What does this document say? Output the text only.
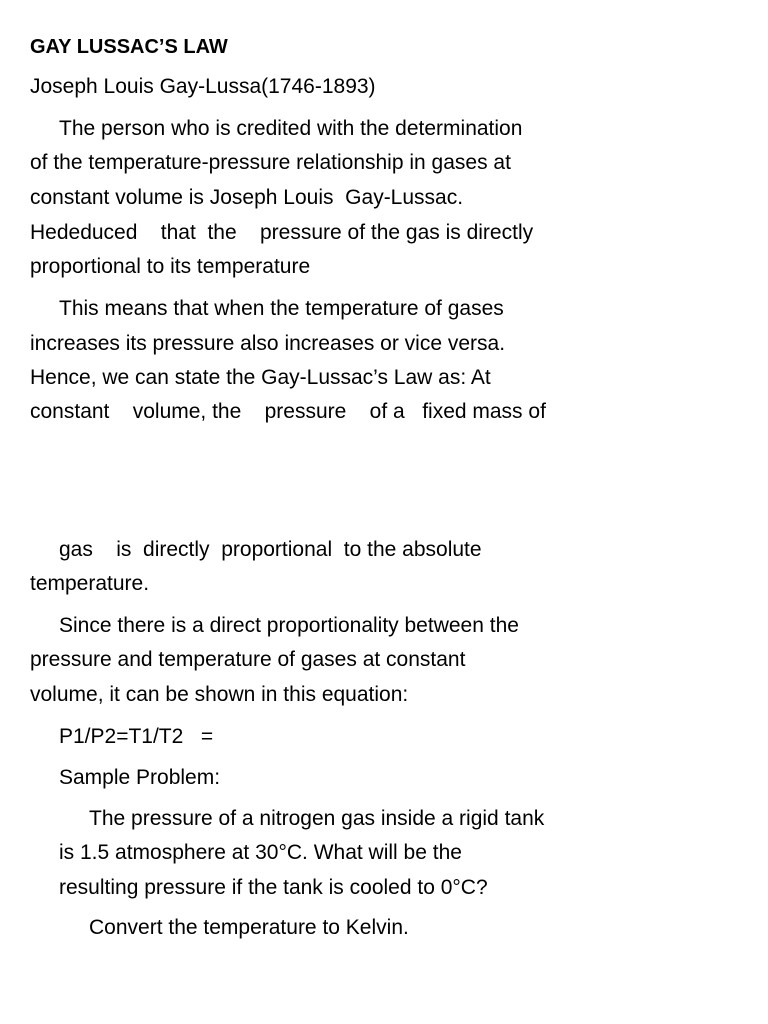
GAY LUSSAC’S LAW
Joseph Louis Gay-Lussa(1746-1893)
The person who is credited with the determination
of the temperature-pressure relationship in gases at
constant volume is Joseph Louis  Gay-Lussac.
Hededuced    that  the    pressure of the gas is directly
proportional to its temperature
This means that when the temperature of gases
increases its pressure also increases or vice versa.
Hence, we can state the Gay-Lussac’s Law as: At
constant    volume, the    pressure    of a   fixed mass of
gas    is  directly  proportional  to the absolute
temperature.
Since there is a direct proportionality between the
pressure and temperature of gases at constant
volume, it can be shown in this equation:
P1/P2=T1/T2   =
Sample Problem:
The pressure of a nitrogen gas inside a rigid tank
is 1.5 atmosphere at 30°C. What will be the
resulting pressure if the tank is cooled to 0°C?
Convert the temperature to Kelvin.
